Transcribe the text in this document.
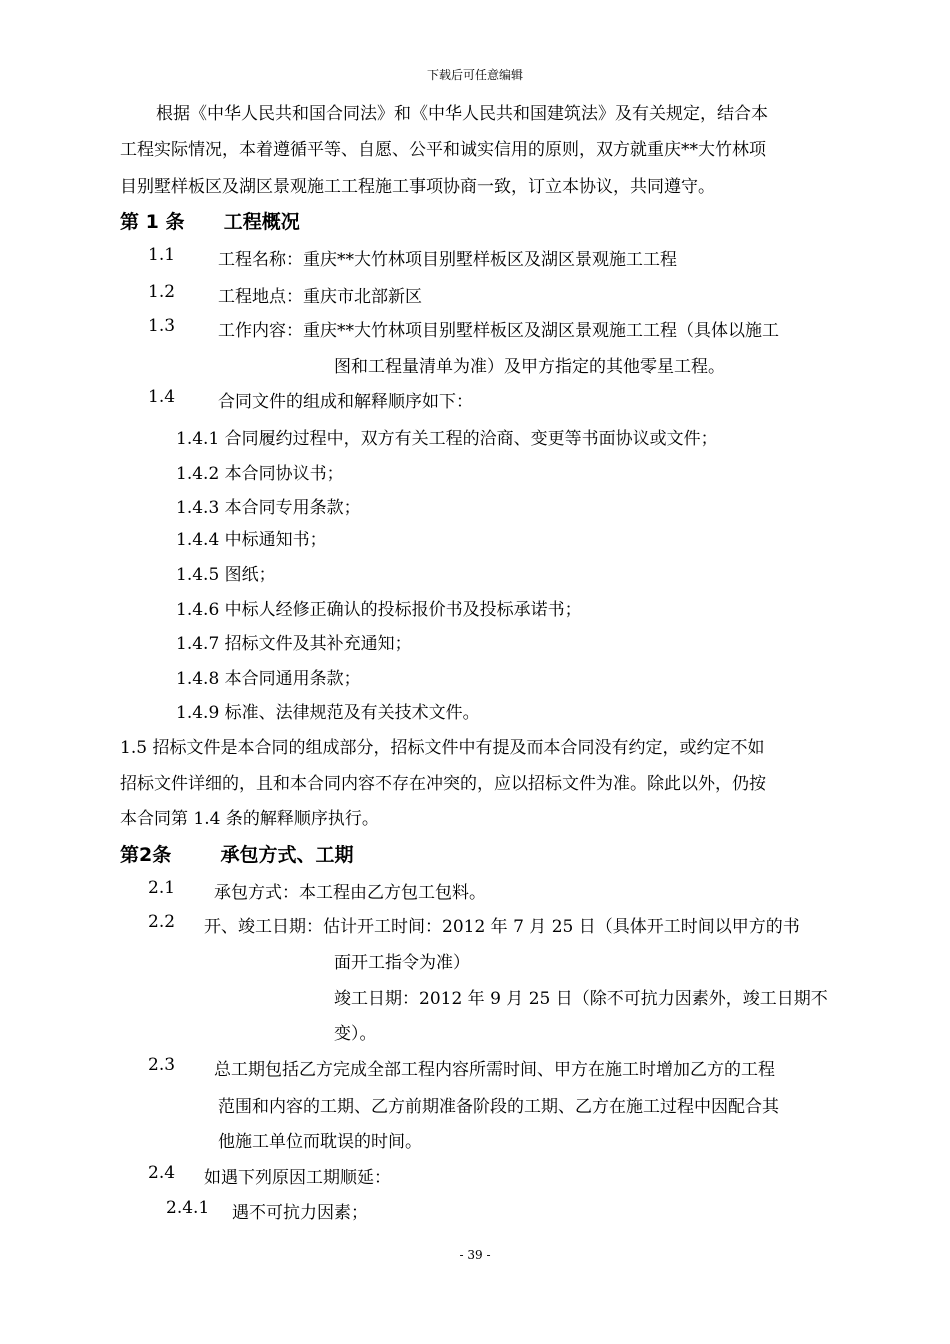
下载后可任意编辑
根据《中华人民共和国合同法》和《中华人民共和国建筑法》及有关规定，结合本
工程实际情况，本着遵循平等、自愿、公平和诚实信用的原则，双方就重庆**大竹林项
目别墅样板区及湖区景观施工工程施工事项协商一致，订立本协议，共同遵守。
第 1 条 工程概况
1.1	工程名称：重庆**大竹林项目别墅样板区及湖区景观施工工程
1.2	工程地点：重庆市北部新区
1.3	工作内容：重庆**大竹林项目别墅样板区及湖区景观施工工程（具体以施工
图和工程量清单为准）及甲方指定的其他零星工程。
1.4	合同文件的组成和解释顺序如下：
1.4.1 合同履约过程中，双方有关工程的洽商、变更等书面协议或文件；
1.4.2 本合同协议书；
1.4.3 本合同专用条款；
1.4.4 中标通知书；
1.4.5 图纸；
1.4.6 中标人经修正确认的投标报价书及投标承诺书；
1.4.7 招标文件及其补充通知；
1.4.8 本合同通用条款；
1.4.9 标准、法律规范及有关技术文件。
1.5 招标文件是本合同的组成部分，招标文件中有提及而本合同没有约定，或约定不如
招标文件详细的，且和本合同内容不存在冲突的，应以招标文件为准。除此以外，仍按
本合同第 1.4 条的解释顺序执行。
第2条	承包方式、工期
2.1 承包方式：本工程由乙方包工包料。
2.2 开、竣工日期：估计开工时间：2012 年 7 月 25 日（具体开工时间以甲方的书
面开工指令为准）
竣工日期：2012 年 9 月 25 日（除不可抗力因素外，竣工日期不
变）。
2.3 总工期包括乙方完成全部工程内容所需时间、甲方在施工时增加乙方的工程
范围和内容的工期、乙方前期准备阶段的工期、乙方在施工过程中因配合其
他施工单位而耽误的时间。
2.4 如遇下列原因工期顺延：
2.4.1 遇不可抗力因素；
- 39 -
